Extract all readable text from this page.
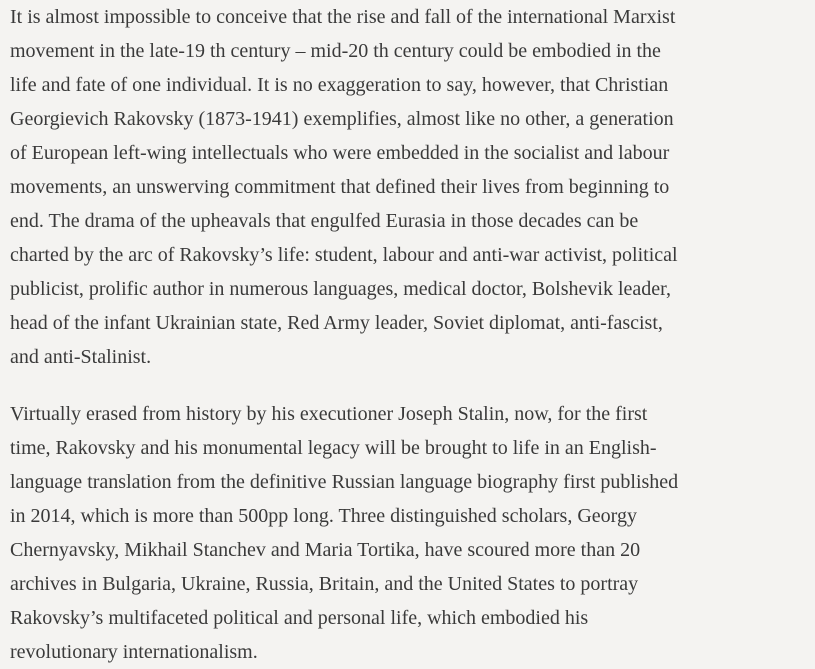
It is almost impossible to conceive that the rise and fall of the international Marxist
movement in the late-19 th century – mid-20 th century could be embodied in the
life and fate of one individual. It is no exaggeration to say, however, that Christian
Georgievich Rakovsky (1873-1941) exemplifies, almost like no other, a generation
of European left-wing intellectuals who were embedded in the socialist and labour
movements, an unswerving commitment that defined their lives from beginning to
end. The drama of the upheavals that engulfed Eurasia in those decades can be
charted by the arc of Rakovsky’s life: student, labour and anti-war activist, political
publicist, prolific author in numerous languages, medical doctor, Bolshevik leader,
head of the infant Ukrainian state, Red Army leader, Soviet diplomat, anti-fascist,
and anti-Stalinist.

Virtually erased from history by his executioner Joseph Stalin, now, for the first
time, Rakovsky and his monumental legacy will be brought to life in an English-
language translation from the definitive Russian language biography first published
in 2014, which is more than 500pp long. Three distinguished scholars, Georgy
Chernyavsky, Mikhail Stanchev and Maria Tortika, have scoured more than 20
archives in Bulgaria, Ukraine, Russia, Britain, and the United States to portray
Rakovsky’s multifaceted political and personal life, which embodied his
revolutionary internationalism.
